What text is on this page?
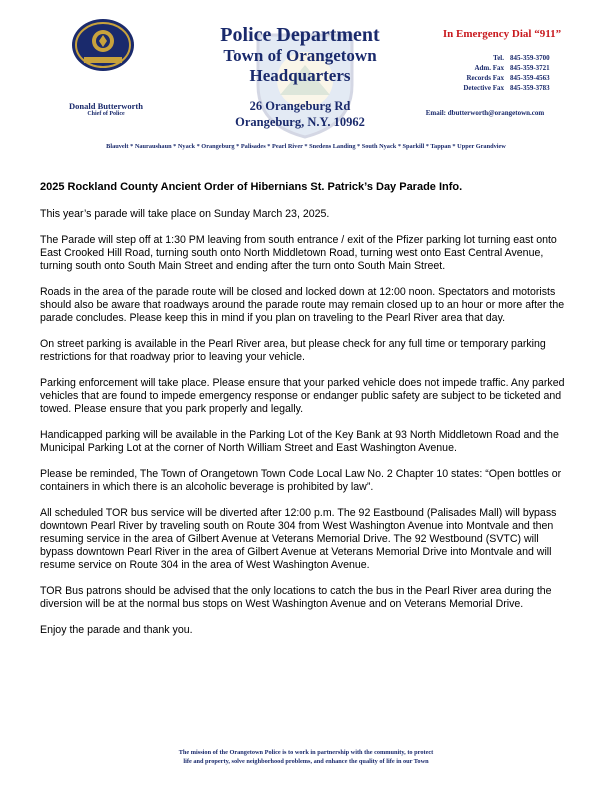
Donald Butterworth
Chief of Police
Police Department
Town of Orangetown
Headquarters
26 Orangeburg Rd
Orangeburg, N.Y. 10962
In Emergency Dial “911”
Tel. 845-359-3700
Adm. Fax 845-359-3721
Records Fax 845-359-4563
Detective Fax 845-359-3783
Email: dbutterworth@orangetown.com
Blauvelt * Nauraushaun * Nyack * Orangeburg * Palisades * Pearl River * Snedens Landing * South Nyack * Sparkill * Tappan * Upper Grandview
2025 Rockland County Ancient Order of Hibernians St. Patrick’s Day Parade Info.

This year’s parade will take place on Sunday March 23, 2025.

The Parade will step off at 1:30 PM leaving from south entrance / exit of the Pfizer parking lot turning east onto East Crooked Hill Road, turning south onto North Middletown Road, turning west onto East Central Avenue, turning south onto South Main Street and ending after the turn onto South Main Street.

Roads in the area of the parade route will be closed and locked down at 12:00 noon. Spectators and motorists should also be aware that roadways around the parade route may remain closed up to an hour or more after the parade concludes. Please keep this in mind if you plan on traveling to the Pearl River area that day.

On street parking is available in the Pearl River area, but please check for any full time or temporary parking restrictions for that roadway prior to leaving your vehicle.

Parking enforcement will take place. Please ensure that your parked vehicle does not impede traffic. Any parked vehicles that are found to impede emergency response or endanger public safety are subject to be ticketed and towed. Please ensure that you park properly and legally.

Handicapped parking will be available in the Parking Lot of the Key Bank at 93 North Middletown Road and the Municipal Parking Lot at the corner of North William Street and East Washington Avenue.

Please be reminded, The Town of Orangetown Town Code Local Law No. 2 Chapter 10 states: “Open bottles or containers in which there is an alcoholic beverage is prohibited by law”.

All scheduled TOR bus service will be diverted after 12:00 p.m. The 92 Eastbound (Palisades Mall) will bypass downtown Pearl River by traveling south on Route 304 from West Washington Avenue into Montvale and then resuming service in the area of Gilbert Avenue at Veterans Memorial Drive. The 92 Westbound (SVTC) will bypass downtown Pearl River in the area of Gilbert Avenue at Veterans Memorial Drive into Montvale and will resume service on Route 304 in the area of West Washington Avenue.

TOR Bus patrons should be advised that the only locations to catch the bus in the Pearl River area during the diversion will be at the normal bus stops on West Washington Avenue and on Veterans Memorial Drive.

Enjoy the parade and thank you.

The mission of the Orangetown Police is to work in partnership with the community, to protect
life and property, solve neighborhood problems, and enhance the quality of life in our Town
